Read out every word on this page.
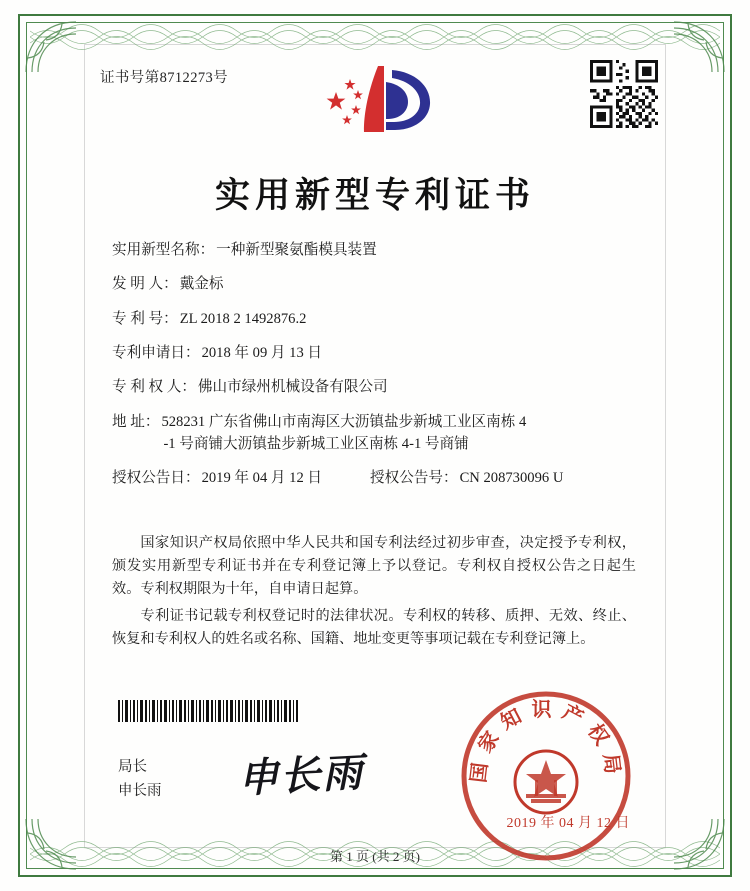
证书号第8712273号
实用新型专利证书
实用新型名称： 一种新型聚氨酯模具装置
发 明 人： 戴金标
专 利 号： ZL 2018 2 1492876.2
专利申请日： 2018 年 09 月 13 日
专 利 权 人： 佛山市绿州机械设备有限公司
地 址： 528231 广东省佛山市南海区大沥镇盐步新城工业区南栋 4
-1 号商铺大沥镇盐步新城工业区南栋 4-1 号商铺
授权公告日： 2019 年 04 月 12 日	授权公告号： CN 208730096 U

国家知识产权局依照中华人民共和国专利法经过初步审查，决定授予专利权，颁发实用新型专利证书并在专利登记簿上予以登记。专利权自授权公告之日起生效。专利权期限为十年，自申请日起算。

专利证书记载专利权登记时的法律状况。专利权的转移、质押、无效、终止、恢复和专利权人的姓名或名称、国籍、地址变更等事项记载在专利登记簿上。

局长
申长雨 申长雨	国家知识产权局
2019 年 04 月 12 日
第 1 页 (共 2 页)
